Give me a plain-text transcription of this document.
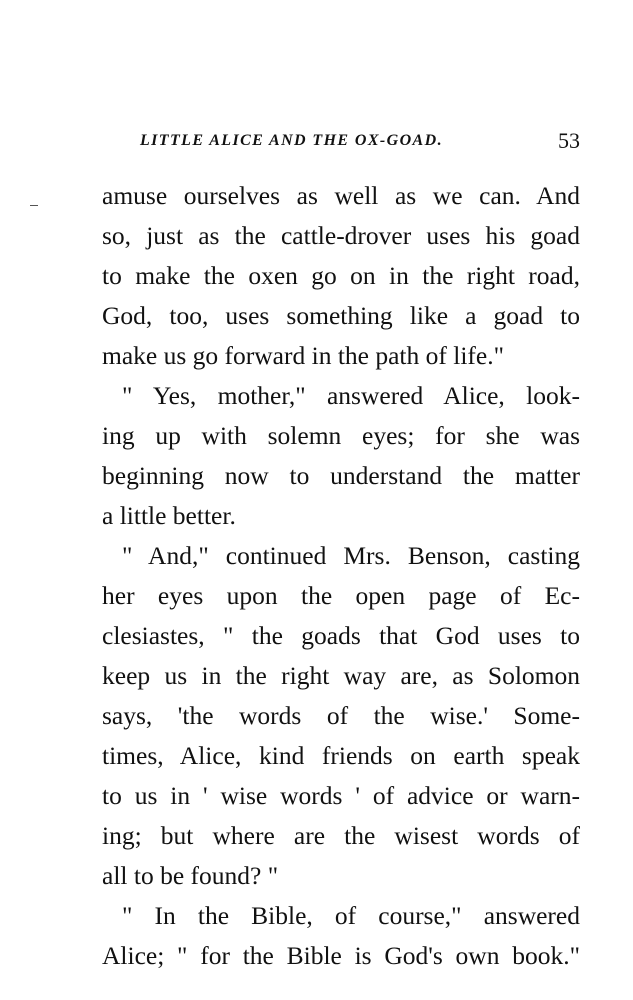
LITTLE ALICE AND THE OX-GOAD.	53
amuse ourselves as well as we can. And
so, just as the cattle-drover uses his goad
to make the oxen go on in the right road,
God, too, uses something like a goad to
make us go forward in the path of life."
" Yes, mother," answered Alice, look-
ing up with solemn eyes; for she was
beginning now to understand the matter
a little better.
" And," continued Mrs. Benson, casting
her eyes upon the open page of Ec-
clesiastes, " the goads that God uses to
keep us in the right way are, as Solomon
says, 'the words of the wise.' Some-
times, Alice, kind friends on earth speak
to us in ' wise words ' of advice or warn-
ing; but where are the wisest words of
all to be found? "
" In the Bible, of course," answered
Alice; " for the Bible is God's own book."
